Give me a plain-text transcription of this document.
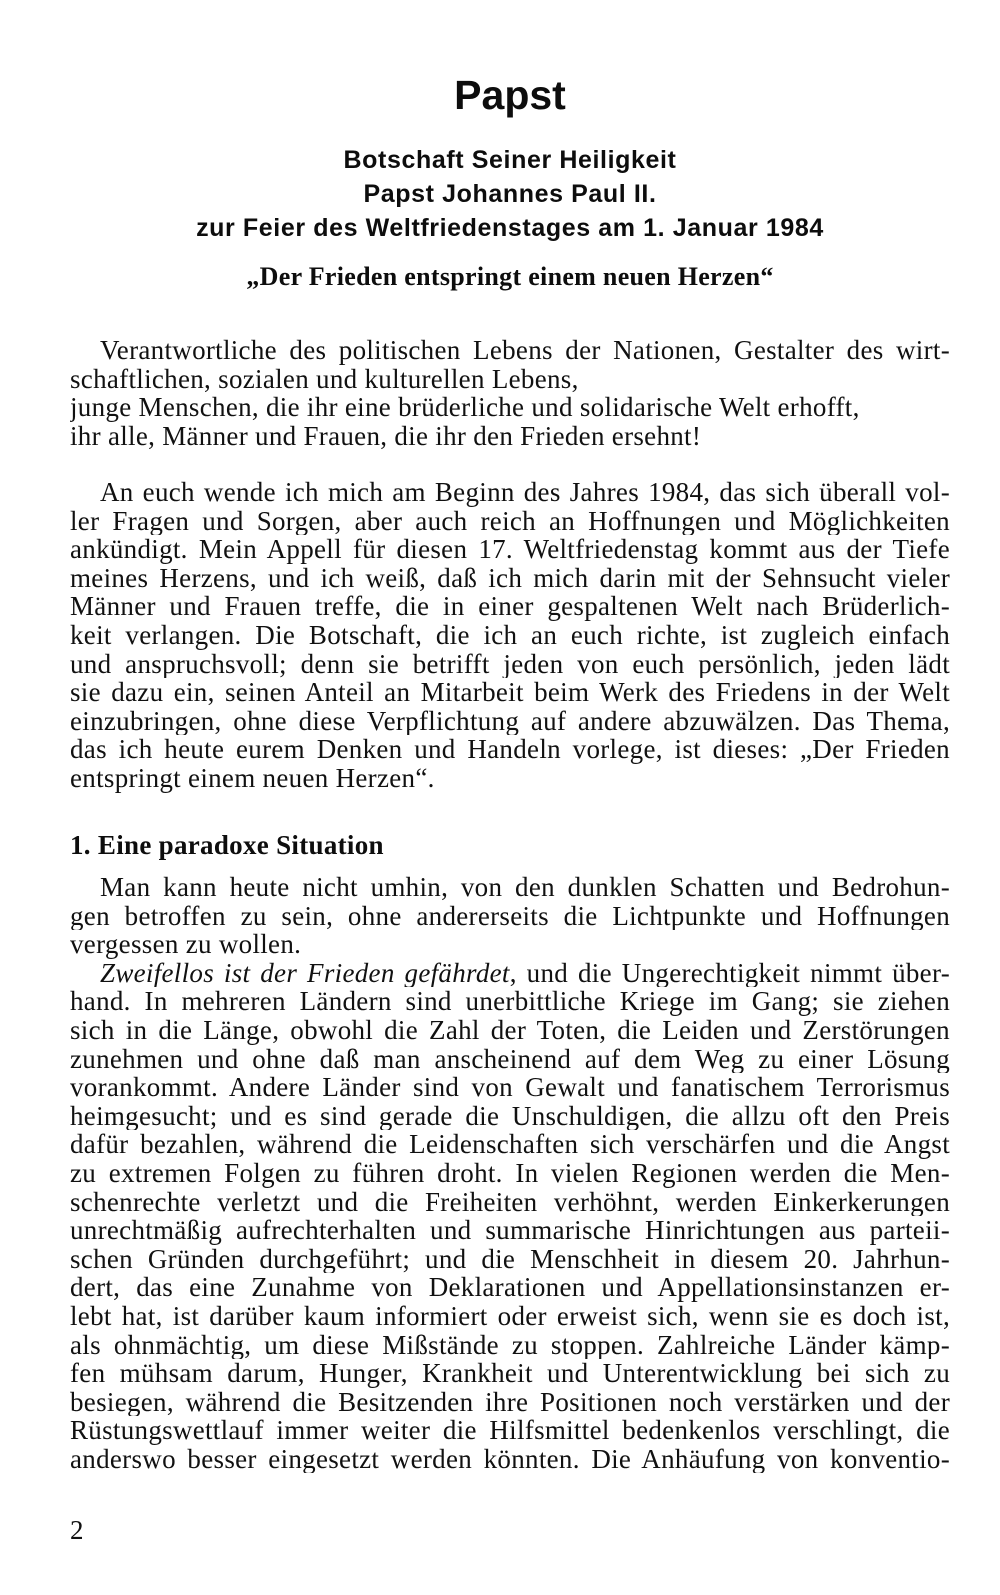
Papst
Botschaft Seiner Heiligkeit
Papst Johannes Paul II.
zur Feier des Weltfriedenstages am 1. Januar 1984
„Der Frieden entspringt einem neuen Herzen“
Verantwortliche des politischen Lebens der Nationen, Gestalter des wirt-
schaftlichen, sozialen und kulturellen Lebens,
junge Menschen, die ihr eine brüderliche und solidarische Welt erhofft,
ihr alle, Männer und Frauen, die ihr den Frieden ersehnt!
An euch wende ich mich am Beginn des Jahres 1984, das sich überall vol-
ler Fragen und Sorgen, aber auch reich an Hoffnungen und Möglichkeiten
ankündigt. Mein Appell für diesen 17. Weltfriedenstag kommt aus der Tiefe
meines Herzens, und ich weiß, daß ich mich darin mit der Sehnsucht vieler
Männer und Frauen treffe, die in einer gespaltenen Welt nach Brüderlich-
keit verlangen. Die Botschaft, die ich an euch richte, ist zugleich einfach
und anspruchsvoll; denn sie betrifft jeden von euch persönlich, jeden lädt
sie dazu ein, seinen Anteil an Mitarbeit beim Werk des Friedens in der Welt
einzubringen, ohne diese Verpflichtung auf andere abzuwälzen. Das Thema,
das ich heute eurem Denken und Handeln vorlege, ist dieses: „Der Frieden
entspringt einem neuen Herzen“.
1. Eine paradoxe Situation
Man kann heute nicht umhin, von den dunklen Schatten und Bedrohun-
gen betroffen zu sein, ohne andererseits die Lichtpunkte und Hoffnungen
vergessen zu wollen.
Zweifellos ist der Frieden gefährdet, und die Ungerechtigkeit nimmt über-
hand. In mehreren Ländern sind unerbittliche Kriege im Gang; sie ziehen
sich in die Länge, obwohl die Zahl der Toten, die Leiden und Zerstörungen
zunehmen und ohne daß man anscheinend auf dem Weg zu einer Lösung
vorankommt. Andere Länder sind von Gewalt und fanatischem Terrorismus
heimgesucht; und es sind gerade die Unschuldigen, die allzu oft den Preis
dafür bezahlen, während die Leidenschaften sich verschärfen und die Angst
zu extremen Folgen zu führen droht. In vielen Regionen werden die Men-
schenrechte verletzt und die Freiheiten verhöhnt, werden Einkerkerungen
unrechtmäßig aufrechterhalten und summarische Hinrichtungen aus parteii-
schen Gründen durchgeführt; und die Menschheit in diesem 20. Jahrhun-
dert, das eine Zunahme von Deklarationen und Appellationsinstanzen er-
lebt hat, ist darüber kaum informiert oder erweist sich, wenn sie es doch ist,
als ohnmächtig, um diese Mißstände zu stoppen. Zahlreiche Länder kämp-
fen mühsam darum, Hunger, Krankheit und Unterentwicklung bei sich zu
besiegen, während die Besitzenden ihre Positionen noch verstärken und der
Rüstungswettlauf immer weiter die Hilfsmittel bedenkenlos verschlingt, die
anderswo besser eingesetzt werden könnten. Die Anhäufung von konventio-
2
